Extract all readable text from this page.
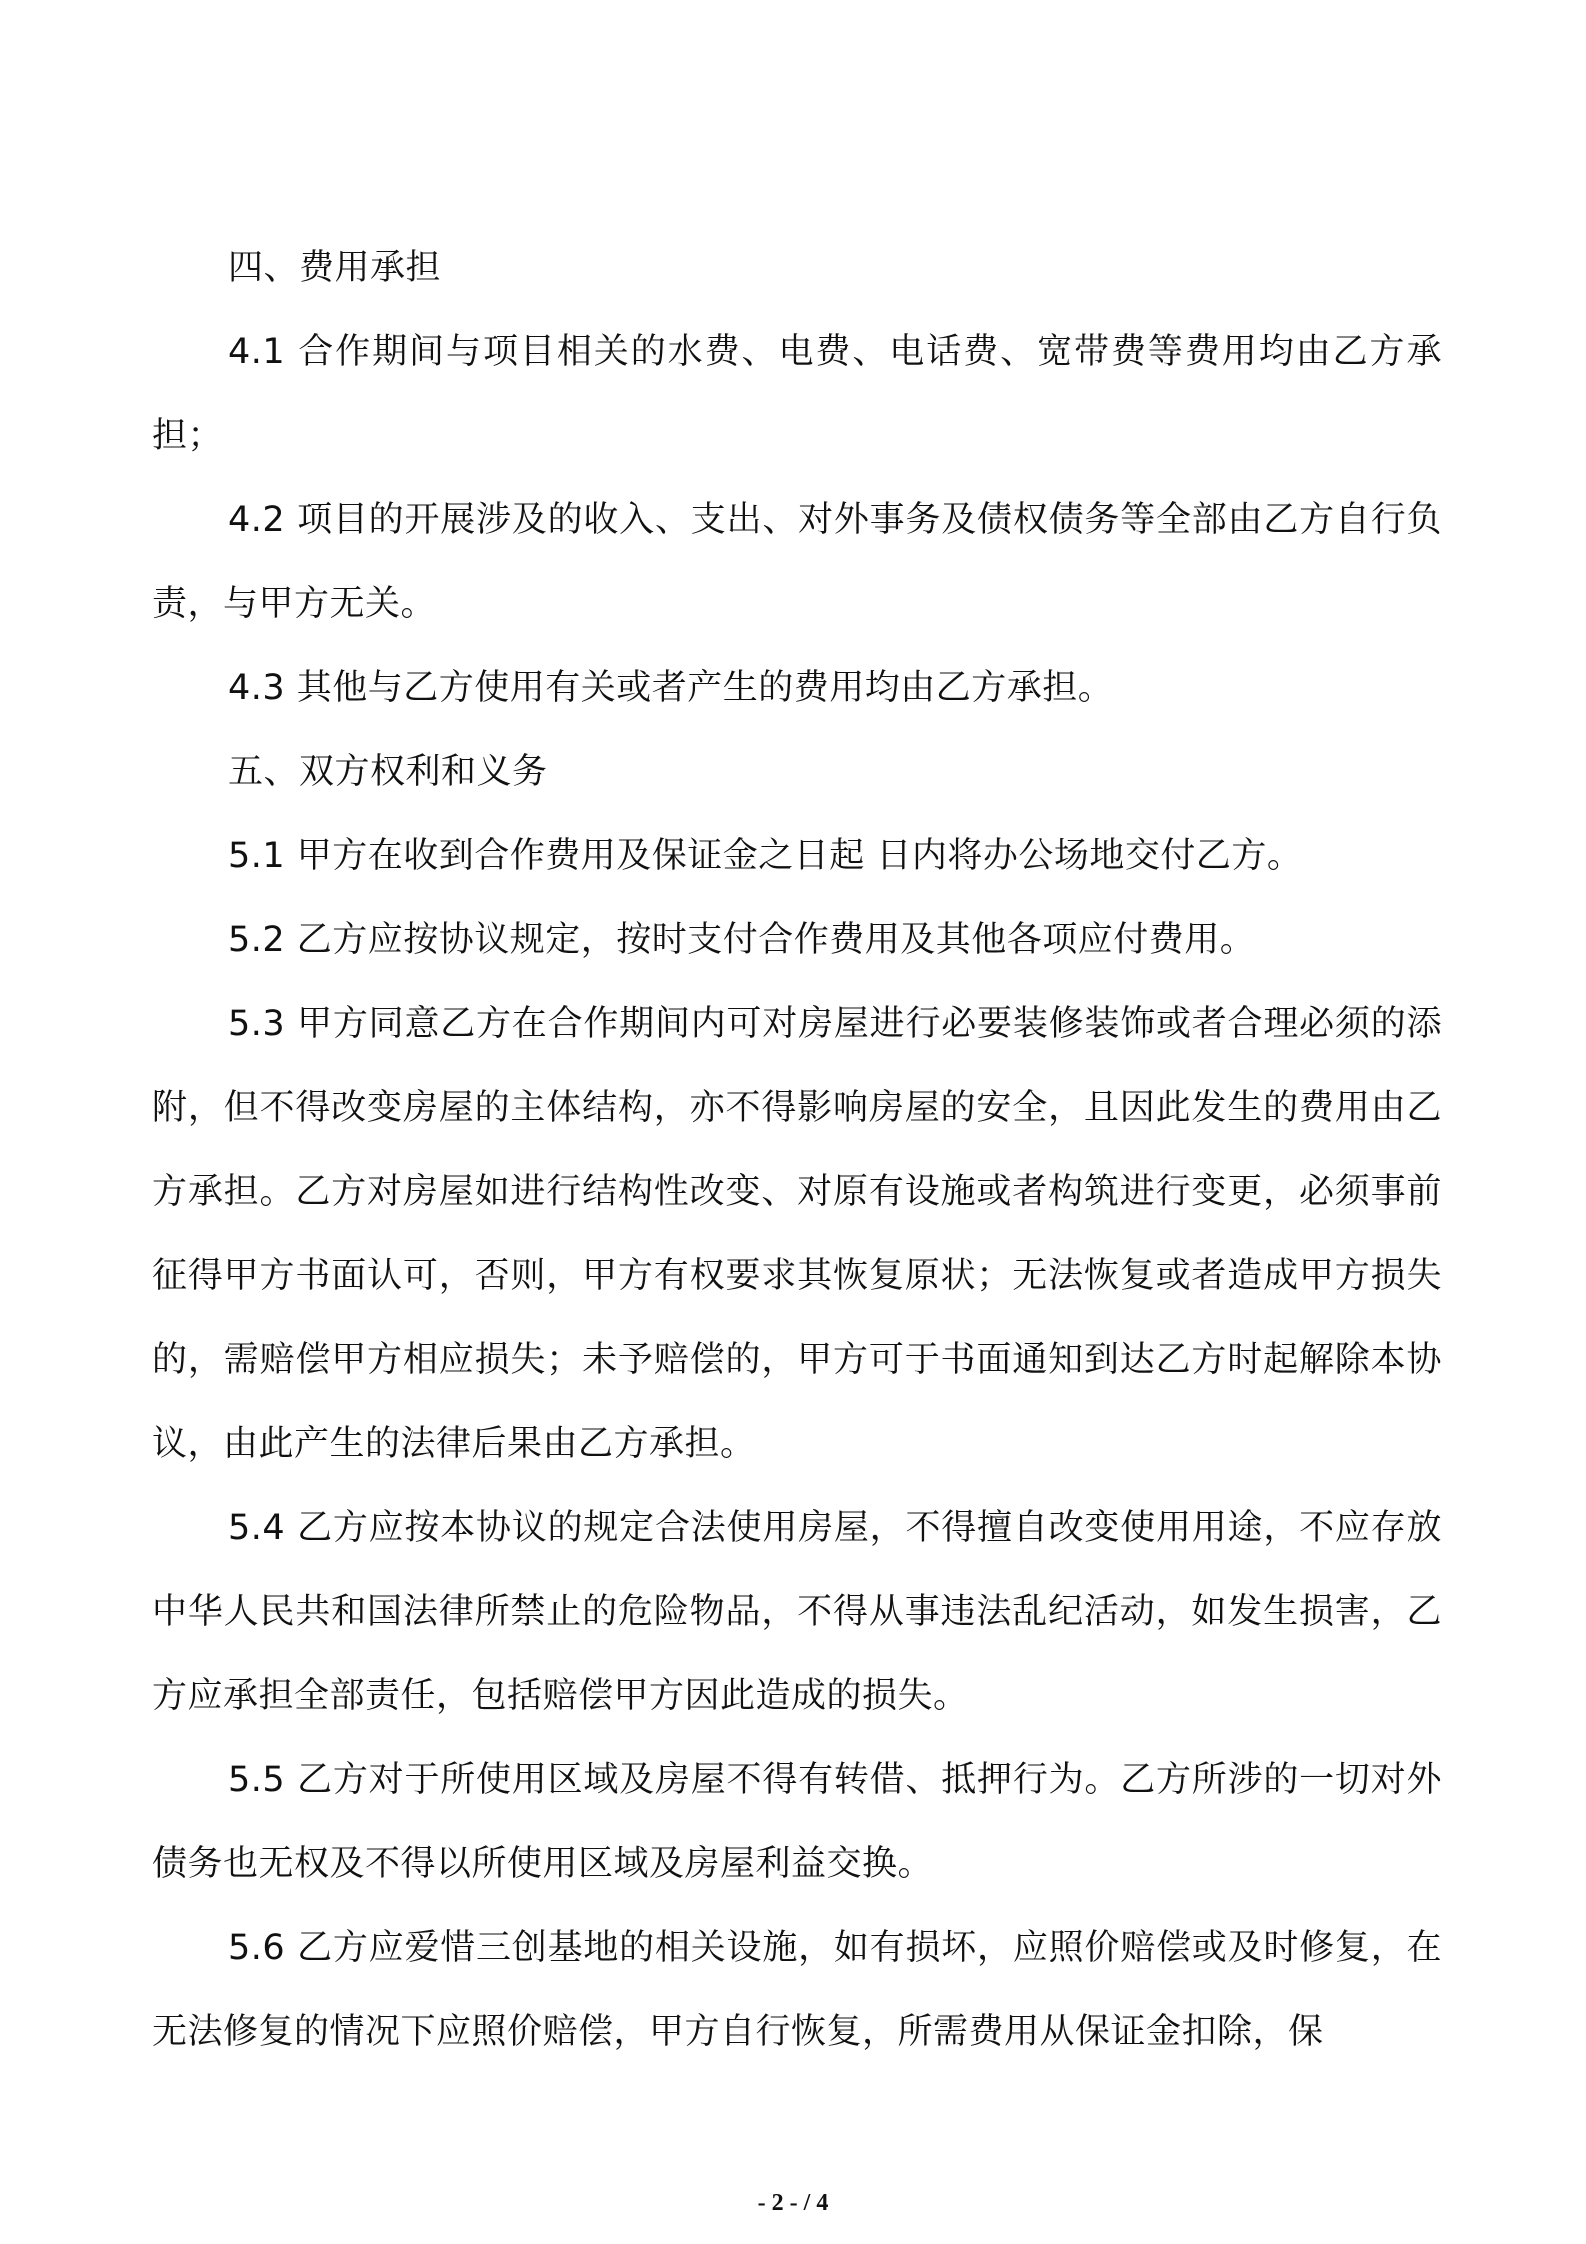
四、费用承担

4.1 合作期间与项目相关的水费、电费、电话费、宽带费等费用均由乙方承担；

4.2 项目的开展涉及的收入、支出、对外事务及债权债务等全部由乙方自行负责，与甲方无关。

4.3 其他与乙方使用有关或者产生的费用均由乙方承担。

五、双方权利和义务

5.1 甲方在收到合作费用及保证金之日起 日内将办公场地交付乙方。

5.2 乙方应按协议规定，按时支付合作费用及其他各项应付费用。

5.3 甲方同意乙方在合作期间内可对房屋进行必要装修装饰或者合理必须的添附，但不得改变房屋的主体结构，亦不得影响房屋的安全，且因此发生的费用由乙方承担。乙方对房屋如进行结构性改变、对原有设施或者构筑进行变更，必须事前征得甲方书面认可，否则，甲方有权要求其恢复原状；无法恢复或者造成甲方损失的，需赔偿甲方相应损失；未予赔偿的，甲方可于书面通知到达乙方时起解除本协议，由此产生的法律后果由乙方承担。

5.4 乙方应按本协议的规定合法使用房屋，不得擅自改变使用用途，不应存放中华人民共和国法律所禁止的危险物品，不得从事违法乱纪活动，如发生损害，乙方应承担全部责任，包括赔偿甲方因此造成的损失。

5.5 乙方对于所使用区域及房屋不得有转借、抵押行为。乙方所涉的一切对外债务也无权及不得以所使用区域及房屋利益交换。

5.6 乙方应爱惜三创基地的相关设施，如有损坏，应照价赔偿或及时修复，在无法修复的情况下应照价赔偿，甲方自行恢复，所需费用从保证金扣除，保

- 2 - / 4
